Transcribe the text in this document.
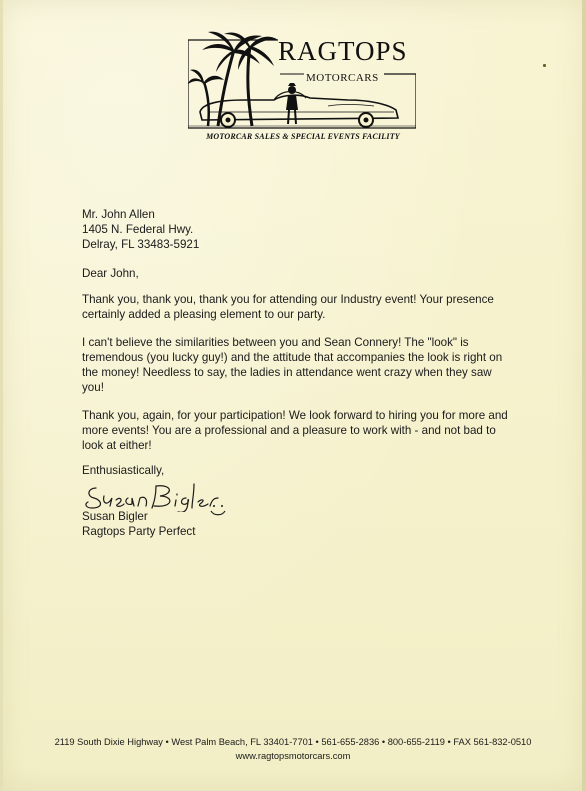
RAGTOPS
MOTORCARS
MOTORCAR SALES & SPECIAL EVENTS FACILITY
Mr. John Allen
1405 N. Federal Hwy.
Delray, FL 33483-5921

Dear John,

Thank you, thank you, thank you for attending our Industry event! Your presence certainly added a pleasing element to our party.

I can't believe the similarities between you and Sean Connery! The "look" is tremendous (you lucky guy!) and the attitude that accompanies the look is right on the money! Needless to say, the ladies in attendance went crazy when they saw you!

Thank you, again, for your participation! We look forward to hiring you for more and more events! You are a professional and a pleasure to work with - and not bad to look at either!

Enthusiastically,

Susan Bigler
Ragtops Party Perfect
2119 South Dixie Highway • West Palm Beach, FL 33401-7701 • 561-655-2836 • 800-655-2119 • FAX 561-832-0510
www.ragtopsmotorcars.com
